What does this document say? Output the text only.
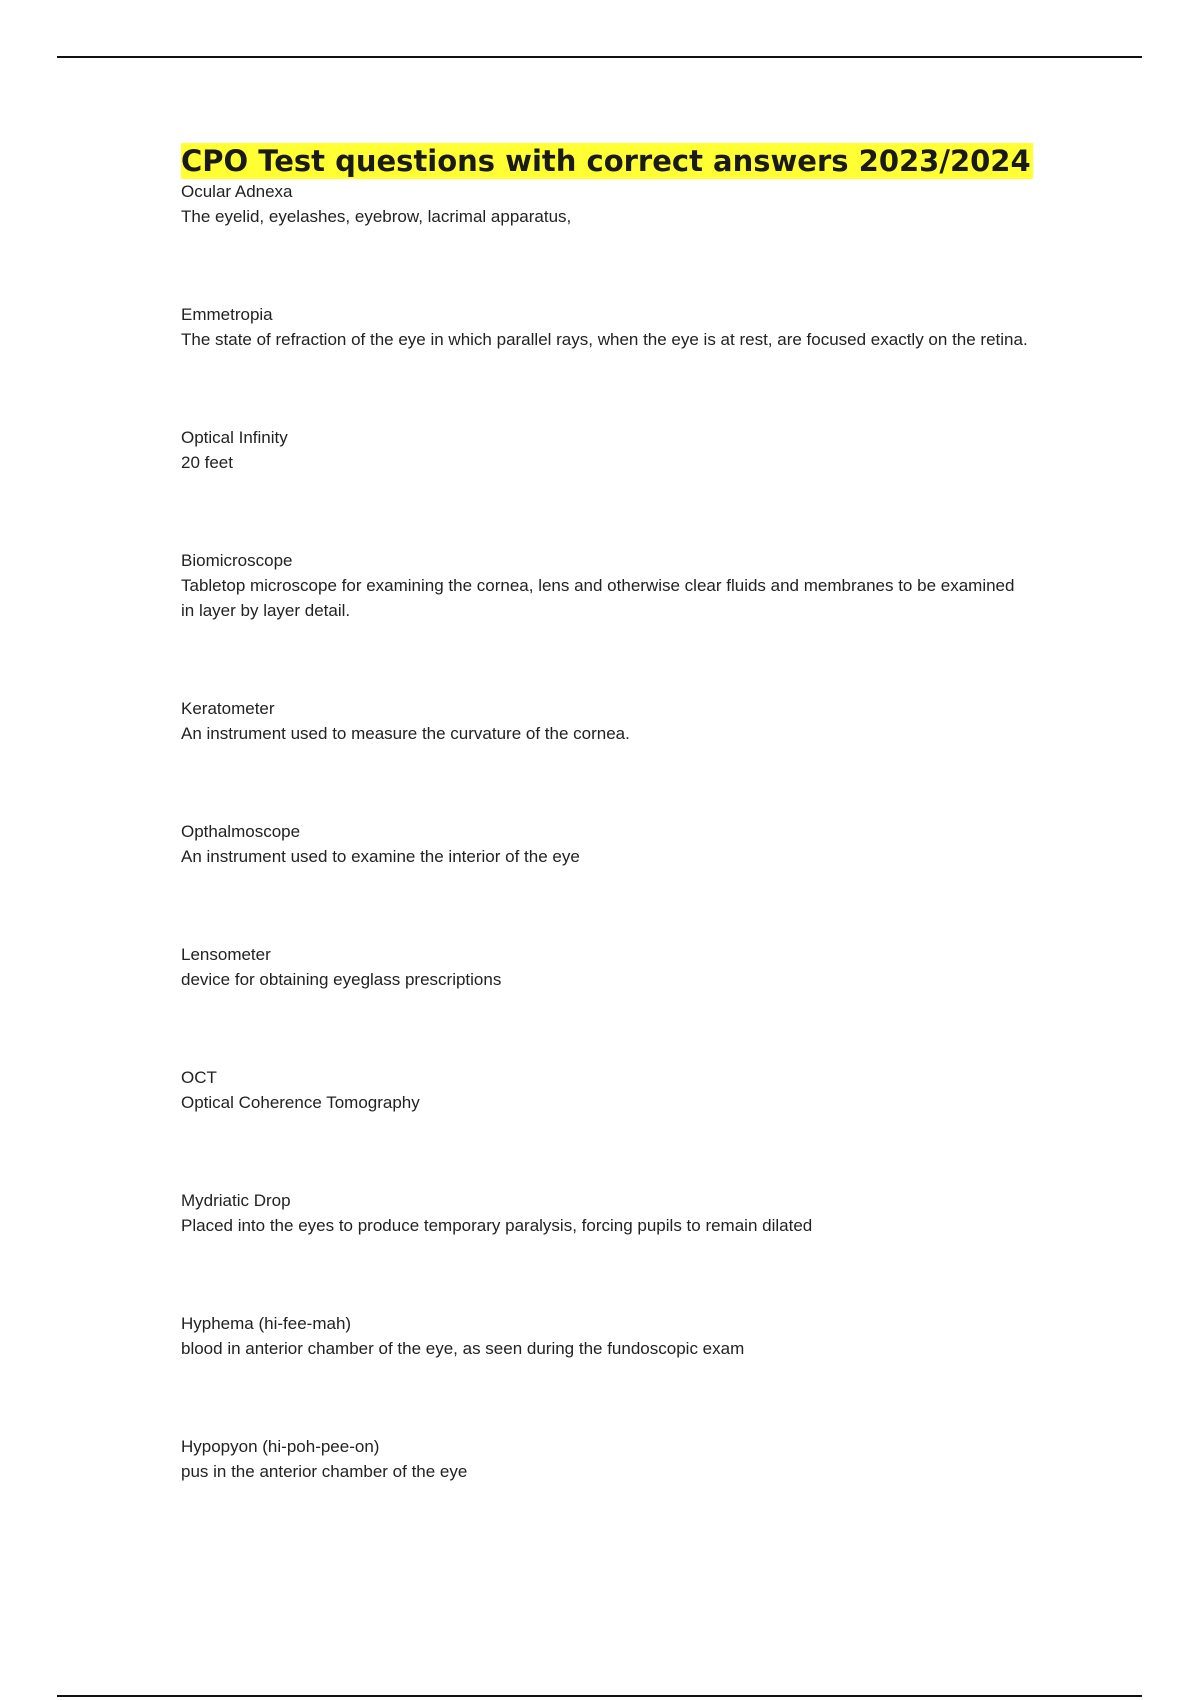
CPO Test questions with correct answers 2023/2024

Ocular Adnexa

The eyelid, eyelashes, eyebrow, lacrimal apparatus,

Emmetropia

The state of refraction of the eye in which parallel rays, when the eye is at rest, are focused exactly on the retina.

Optical Infinity

20 feet

Biomicroscope

Tabletop microscope for examining the cornea, lens and otherwise clear fluids and membranes to be examined in layer by layer detail.

Keratometer

An instrument used to measure the curvature of the cornea.

Opthalmoscope

An instrument used to examine the interior of the eye

Lensometer

device for obtaining eyeglass prescriptions

OCT

Optical Coherence Tomography

Mydriatic Drop

Placed into the eyes to produce temporary paralysis, forcing pupils to remain dilated

Hyphema (hi-fee-mah)

blood in anterior chamber of the eye, as seen during the fundoscopic exam

Hypopyon (hi-poh-pee-on)

pus in the anterior chamber of the eye
